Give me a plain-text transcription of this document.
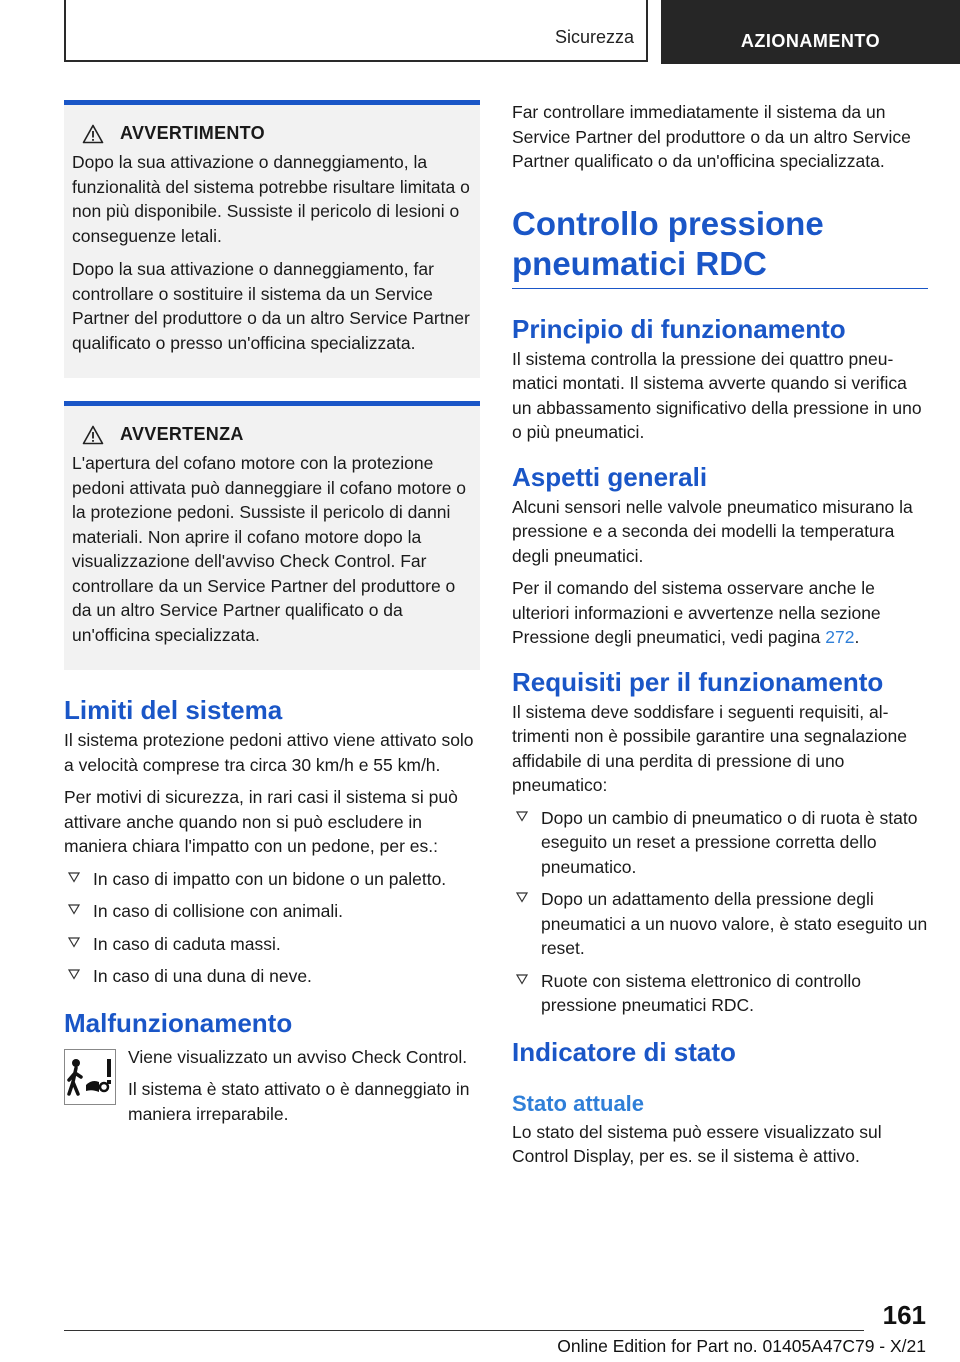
Sicurezza	AZIONAMENTO
AVVERTIMENTO

Dopo la sua attivazione o danneggiamento, la funzionalità del sistema potrebbe risultare limitata o non più disponibile. Sussiste il pericolo di lesioni o conseguenze letali.

Dopo la sua attivazione o danneggiamento, far controllare o sostituire il sistema da un Service Partner del produttore o da un altro Service Partner qualificato o presso un'officina specializzata.

AVVERTENZA

L'apertura del cofano motore con la protezione pedoni attivata può danneggiare il cofano motore o la protezione pedoni. Sussiste il pericolo di danni materiali. Non aprire il cofano motore dopo la visualizzazione dell'avviso Check Control. Far controllare da un Service Partner del produttore o da un altro Service Partner qualificato o da un'officina specializzata.

Limiti del sistema

Il sistema protezione pedoni attivo viene attivato solo a velocità comprese tra circa 30 km/h e 55 km/h.

Per motivi di sicurezza, in rari casi il sistema si può attivare anche quando non si può escludere in maniera chiara l'impatto con un pedone, per es.:

In caso di impatto con un bidone o un paletto.
In caso di collisione con animali.
In caso di caduta massi.
In caso di una duna di neve.
Malfunzionamento

Viene visualizzato un avviso Check Control.

Il sistema è stato attivato o è danneggiato in maniera irreparabile.

Far controllare immediatamente il sistema da un Service Partner del produttore o da un altro Service Partner qualificato o da un'officina specializzata.

Controllo pressione pneumatici RDC
Principio di funzionamento

Il sistema controlla la pressione dei quattro pneumatici montati. Il sistema avverte quando si verifica un abbassamento significativo della pressione in uno o più pneumatici.

Aspetti generali

Alcuni sensori nelle valvole pneumatico misurano la pressione e a seconda dei modelli la temperatura degli pneumatici.

Per il comando del sistema osservare anche le ulteriori informazioni e avvertenze nella sezione Pressione degli pneumatici, vedi pagina 272.

Requisiti per il funzionamento

Il sistema deve soddisfare i seguenti requisiti, altrimenti non è possibile garantire una segnalazione affidabile di una perdita di pressione di uno pneumatico:

Dopo un cambio di pneumatico o di ruota è stato eseguito un reset a pressione corretta dello pneumatico.
Dopo un adattamento della pressione degli pneumatici a un nuovo valore, è stato eseguito un reset.
Ruote con sistema elettronico di controllo pressione pneumatici RDC.
Indicatore di stato
Stato attuale

Lo stato del sistema può essere visualizzato sul Control Display, per es. se il sistema è attivo.

161
Online Edition for Part no. 01405A47C79 - X/21
